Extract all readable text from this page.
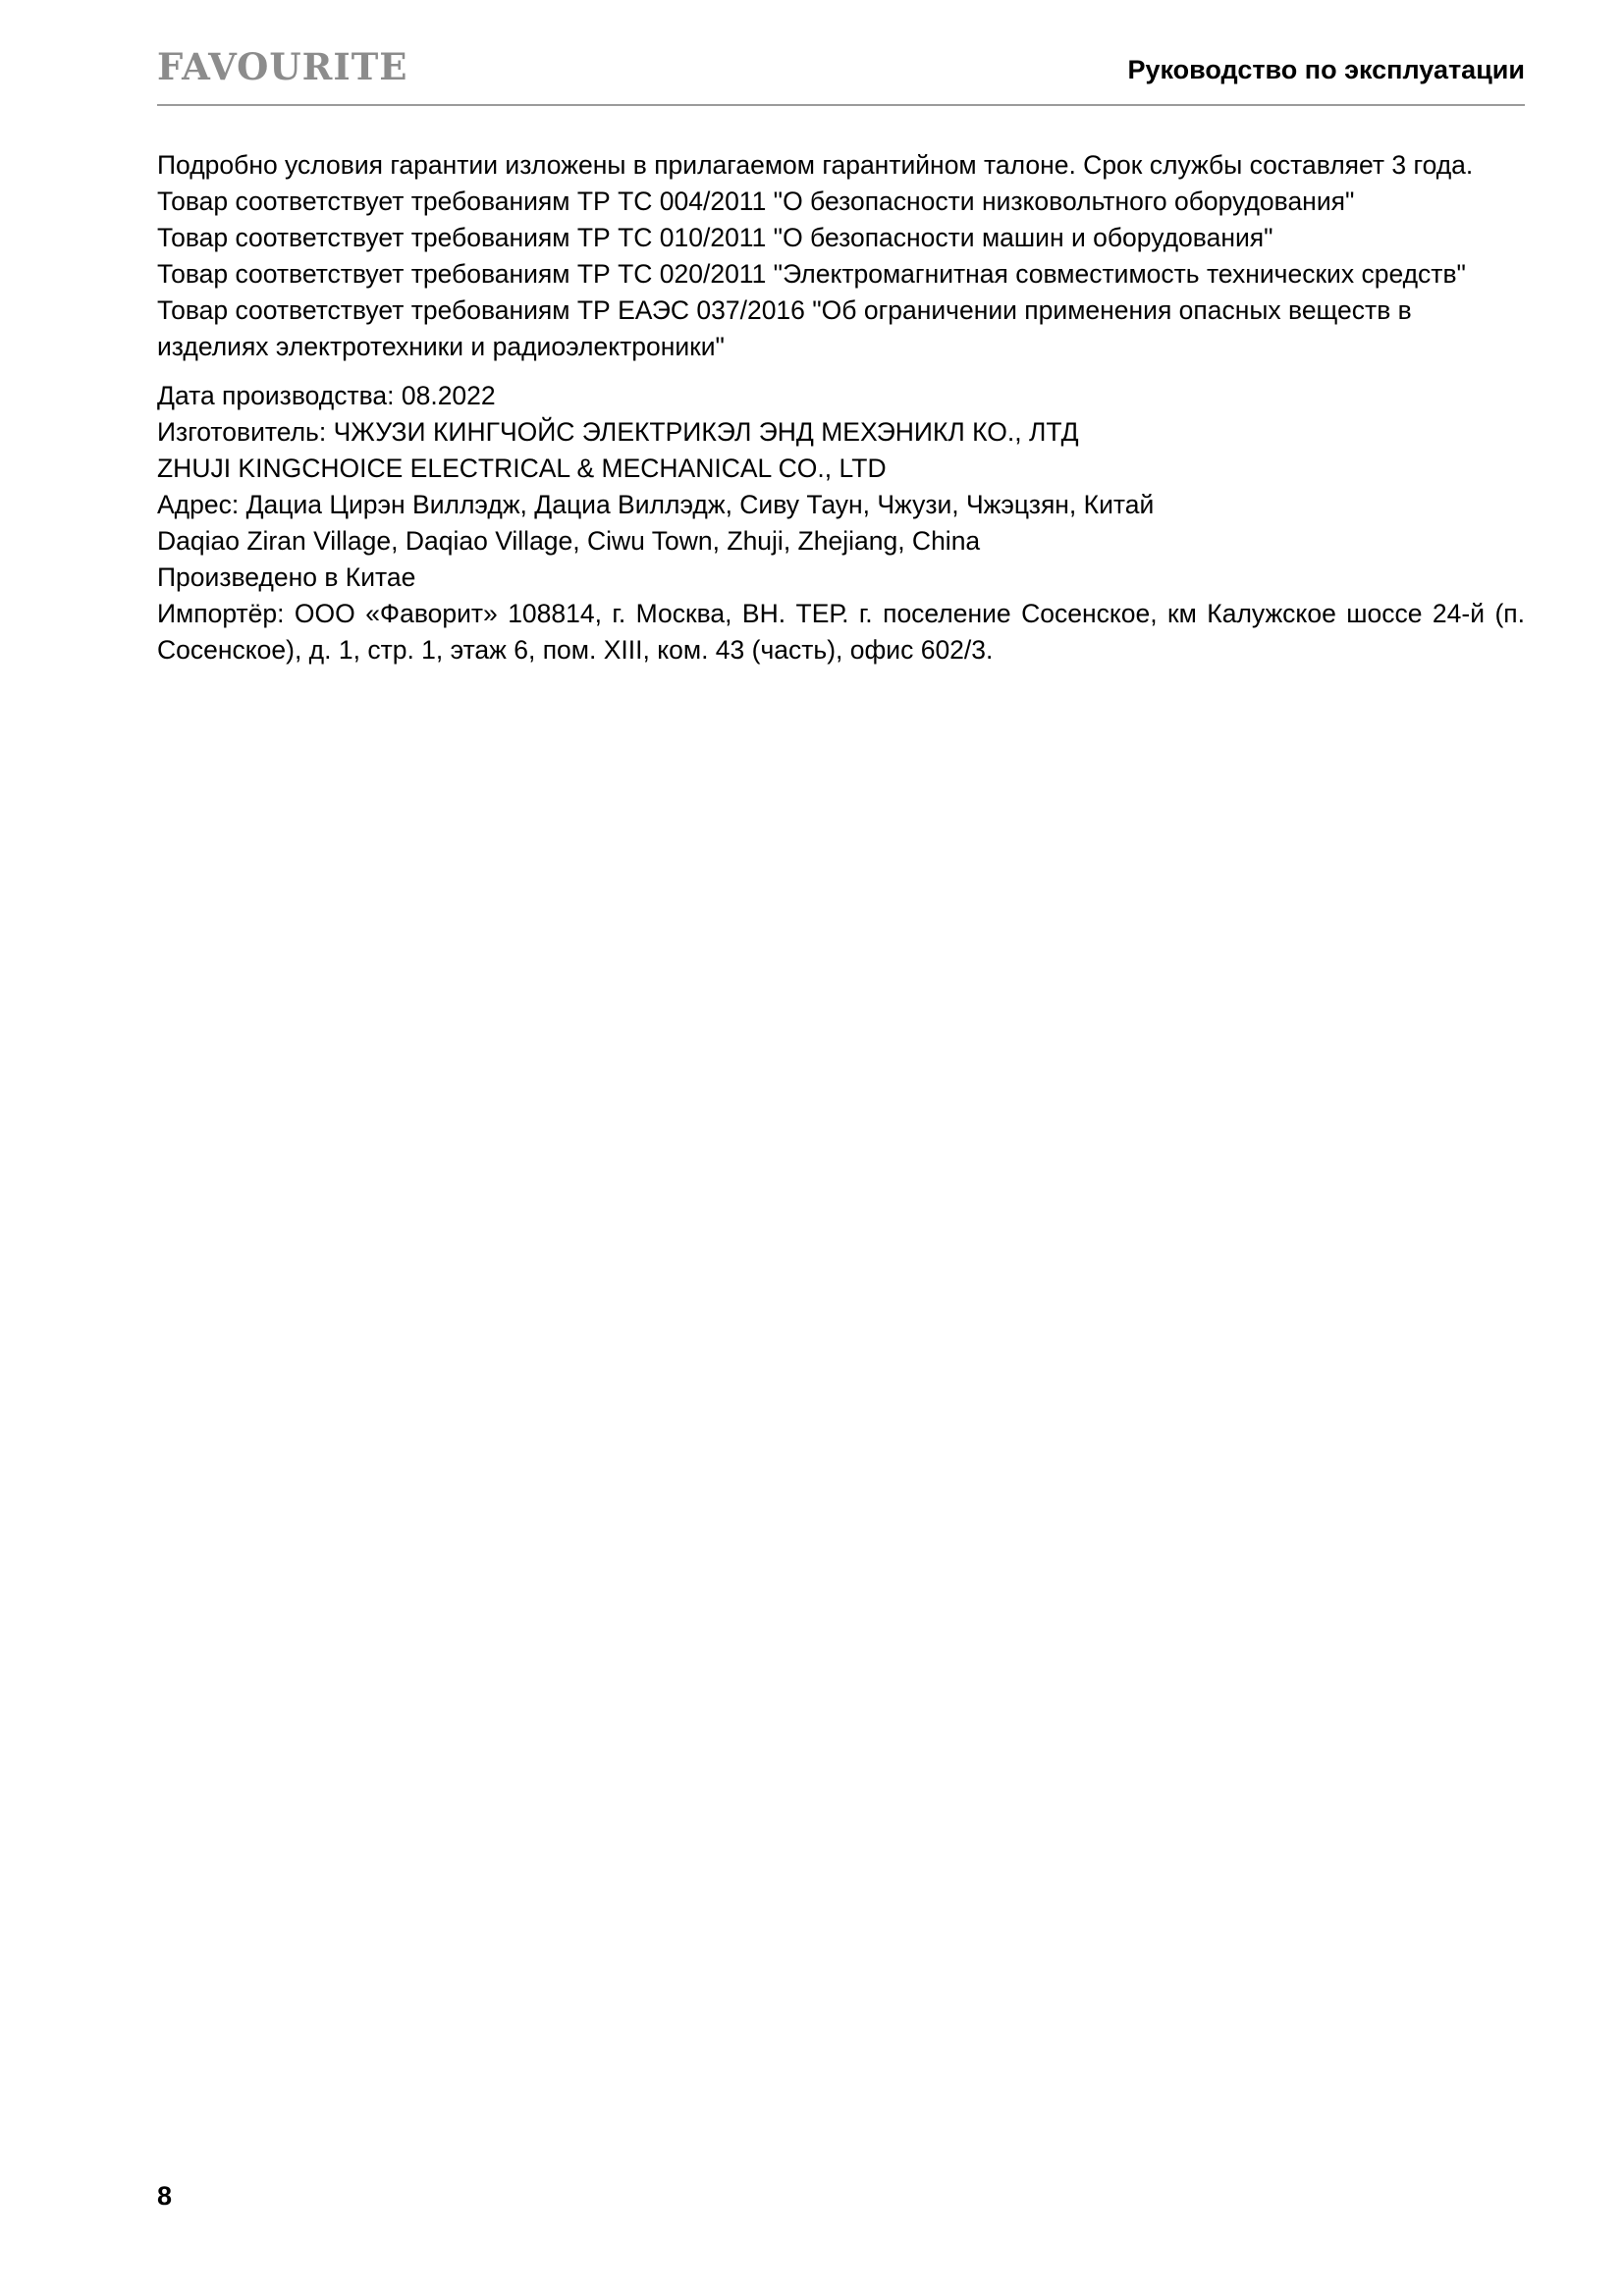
FAVOURITE	Руководство по эксплуатации

Подробно условия гарантии изложены в прилагаемом гарантийном талоне. Срок службы составляет 3 года.

Товар соответствует требованиям ТР ТС 004/2011 "О безопасности низковольтного оборудования"

Товар соответствует требованиям ТР ТС 010/2011 "О безопасности машин и оборудования"

Товар соответствует требованиям ТР ТС 020/2011 "Электромагнитная совместимость технических средств"

Товар соответствует требованиям ТР ЕАЭС 037/2016 "Об ограничении применения опасных веществ в изделиях электротехники и радиоэлектроники"

Дата производства: 08.2022

Изготовитель: ЧЖУЗИ КИНГЧОЙС ЭЛЕКТРИКЭЛ ЭНД МЕХЭНИКЛ КО., ЛТД

ZHUJI KINGCHOICE ELECTRICAL & MECHANICAL CO., LTD

Адрес: Дациа Цирэн Виллэдж, Дациа Виллэдж, Сиву Таун, Чжузи, Чжэцзян, Китай

Daqiao Ziran Village, Daqiao Village, Ciwu Town, Zhuji, Zhejiang, China

Произведено в Китае

Импортёр: ООО «Фаворит» 108814, г. Москва, ВН. ТЕР. г. поселение Сосенское, км Калужское шоссе 24-й (п. Сосенское), д. 1, стр. 1, этаж 6, пом. XIII, ком. 43 (часть), офис 602/3.

8
